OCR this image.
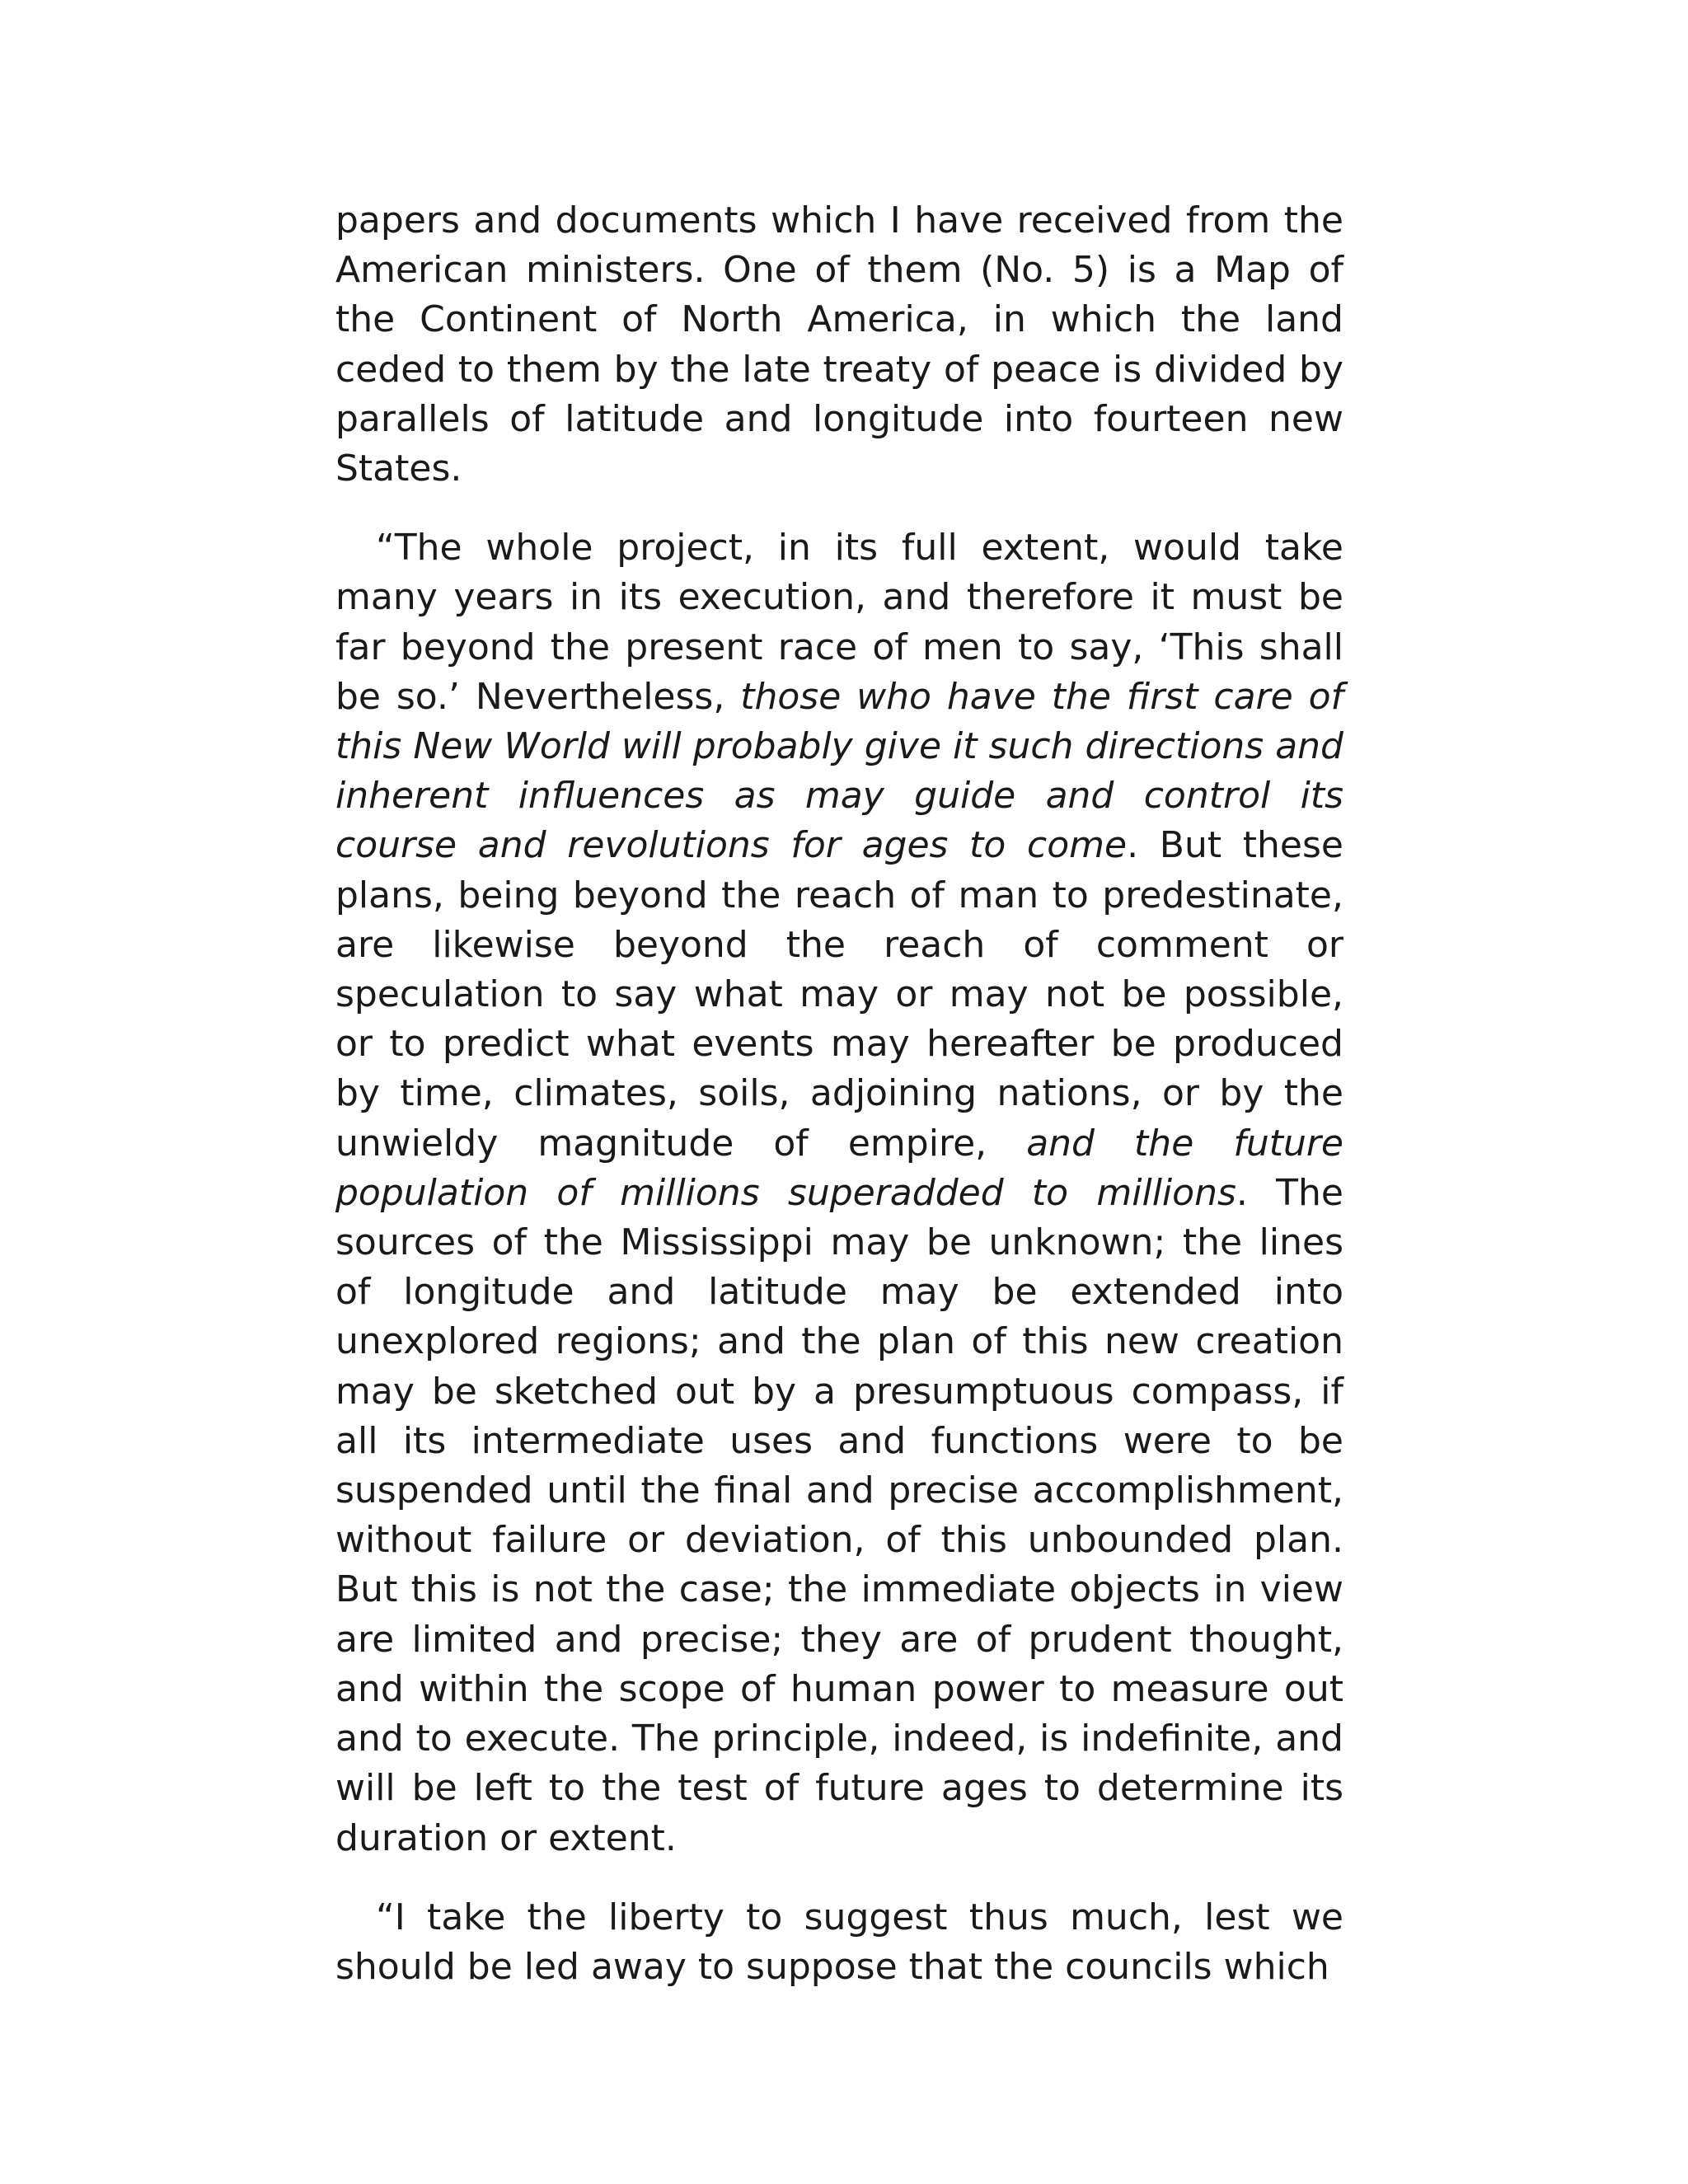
papers and documents which I have received from the American ministers. One of them (No. 5) is a Map of the Continent of North America, in which the land ceded to them by the late treaty of peace is divided by parallels of latitude and longitude into fourteen new States.

“The whole project, in its full extent, would take many years in its execution, and therefore it must be far beyond the present race of men to say, ‘This shall be so.’ Nevertheless, those who have the first care of this New World will probably give it such directions and inherent influences as may guide and control its course and revolutions for ages to come. But these plans, being beyond the reach of man to predestinate, are likewise beyond the reach of comment or speculation to say what may or may not be possible, or to predict what events may hereafter be produced by time, climates, soils, adjoining nations, or by the unwieldy magnitude of empire, and the future population of millions superadded to millions. The sources of the Mississippi may be unknown; the lines of longitude and latitude may be extended into unexplored regions; and the plan of this new creation may be sketched out by a presumptuous compass, if all its intermediate uses and functions were to be suspended until the final and precise accomplishment, without failure or deviation, of this unbounded plan. But this is not the case; the immediate objects in view are limited and precise; they are of prudent thought, and within the scope of human power to measure out and to execute. The principle, indeed, is indefinite, and will be left to the test of future ages to determine its duration or extent.

“I take the liberty to suggest thus much, lest we should be led away to suppose that the councils which
